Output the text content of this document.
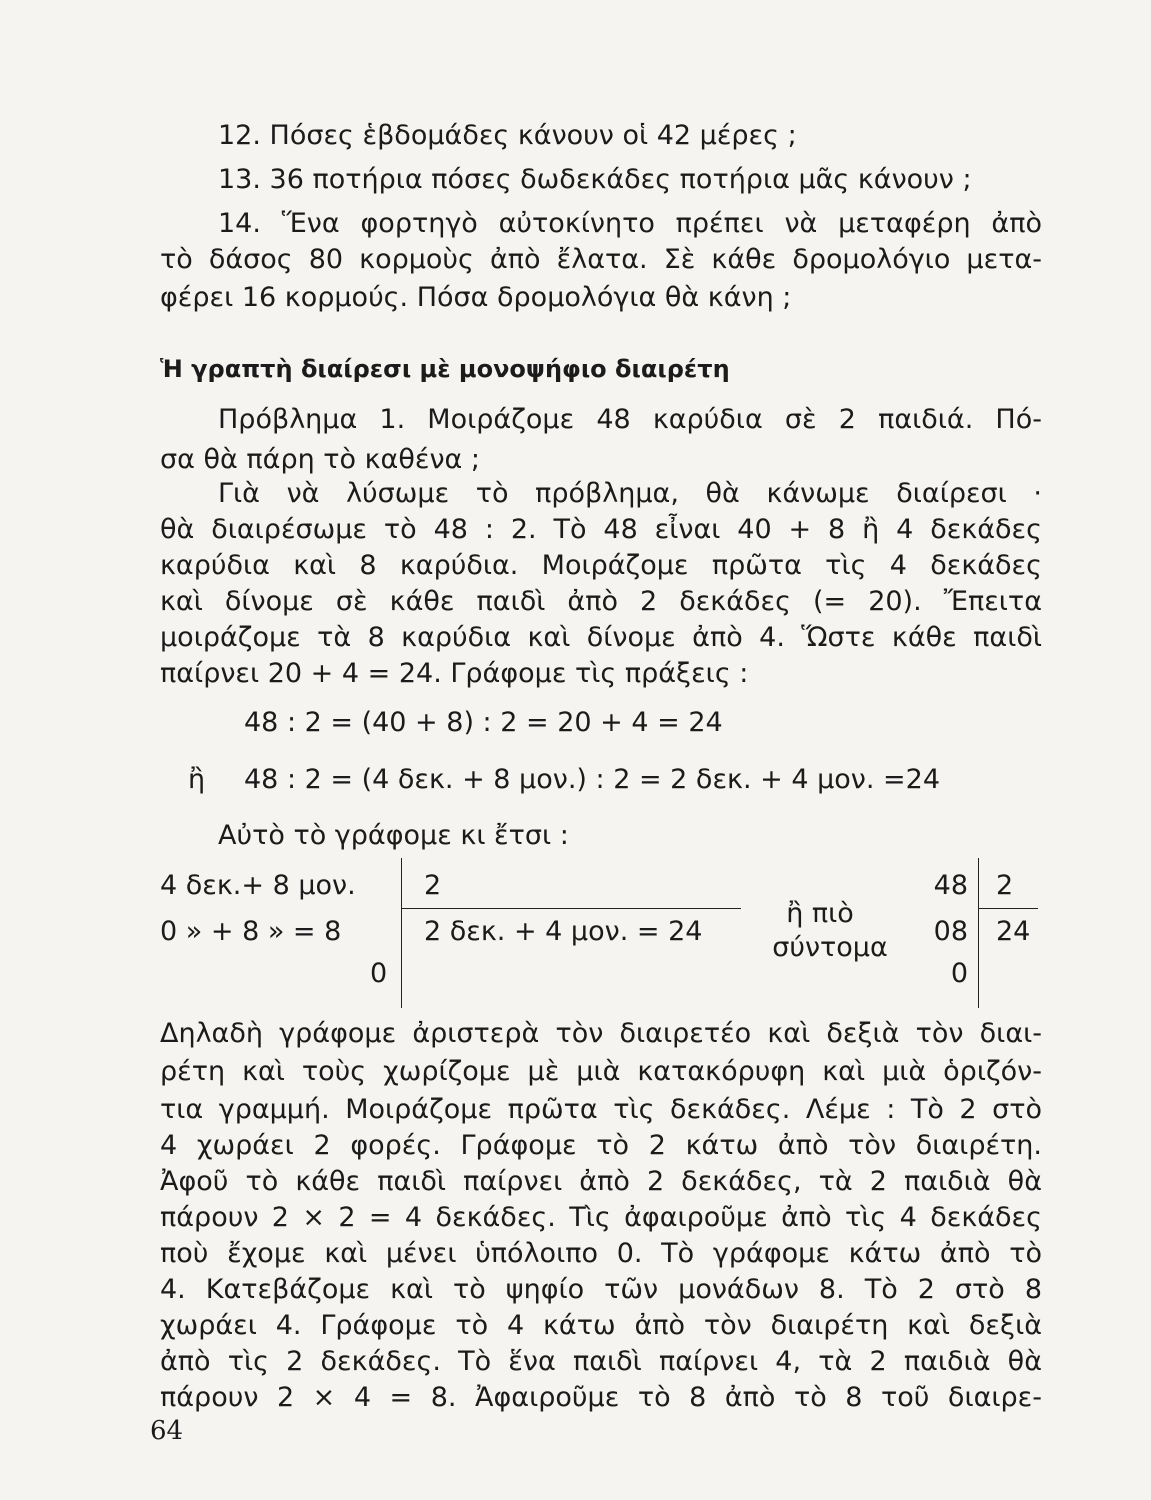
12. Πόσες ἑβδομάδες κάνουν οἱ 42 μέρες ;
13. 36 ποτήρια πόσες δωδεκάδες ποτήρια μᾶς κάνουν ;
14. Ἕνα φορτηγὸ αὐτοκίνητο πρέπει νὰ μεταφέρη ἀπὸ
τὸ δάσος 80 κορμοὺς ἀπὸ ἔλατα. Σὲ κάθε δρομολόγιο μετα-
φέρει 16 κορμούς. Πόσα δρομολόγια θὰ κάνη ;
Ἡ γραπτὴ διαίρεσι μὲ μονοψήφιο διαιρέτη
Πρόβλημα 1. Μοιράζομε 48 καρύδια σὲ 2 παιδιά. Πό-
σα θὰ πάρη τὸ καθένα ;
Γιὰ νὰ λύσωμε τὸ πρόβλημα, θὰ κάνωμε διαίρεσι ·
θὰ διαιρέσωμε τὸ 48 : 2. Τὸ 48 εἶναι 40 + 8 ἢ 4 δεκάδες
καρύδια καὶ 8 καρύδια. Μοιράζομε πρῶτα τὶς 4 δεκάδες
καὶ δίνομε σὲ κάθε παιδὶ ἀπὸ 2 δεκάδες (= 20). Ἔπειτα
μοιράζομε τὰ 8 καρύδια καὶ δίνομε ἀπὸ 4. Ὥστε κάθε παιδὶ
παίρνει 20 + 4 = 24. Γράφομε τὶς πράξεις :
48 : 2 = (40 + 8) : 2 = 20 + 4 = 24
ἢ 48 : 2 = (4 δεκ. + 8 μον.) : 2 = 2 δεκ. + 4 μον. =24
Αὐτὸ τὸ γράφομε κι ἔτσι :
4 δεκ.+ 8 μον.
0 » + 8 » = 8
0
2
2 δεκ. + 4 μον. = 24
ἢ πιὸ
σύντομα
48
08
0
2
24
Δηλαδὴ γράφομε ἀριστερὰ τὸν διαιρετέο καὶ δεξιὰ τὸν διαι-
ρέτη καὶ τοὺς χωρίζομε μὲ μιὰ κατακόρυφη καὶ μιὰ ὁριζόν-
τια γραμμή. Μοιράζομε πρῶτα τὶς δεκάδες. Λέμε : Τὸ 2 στὸ
4 χωράει 2 φορές. Γράφομε τὸ 2 κάτω ἀπὸ τὸν διαιρέτη.
Ἀφοῦ τὸ κάθε παιδὶ παίρνει ἀπὸ 2 δεκάδες, τὰ 2 παιδιὰ θὰ
πάρουν 2 × 2 = 4 δεκάδες. Τὶς ἀφαιροῦμε ἀπὸ τὶς 4 δεκάδες
ποὺ ἔχομε καὶ μένει ὑπόλοιπο 0. Τὸ γράφομε κάτω ἀπὸ τὸ
4. Κατεβάζομε καὶ τὸ ψηφίο τῶν μονάδων 8. Τὸ 2 στὸ 8
χωράει 4. Γράφομε τὸ 4 κάτω ἀπὸ τὸν διαιρέτη καὶ δεξιὰ
ἀπὸ τὶς 2 δεκάδες. Τὸ ἕνα παιδὶ παίρνει 4, τὰ 2 παιδιὰ θὰ
πάρουν 2 × 4 = 8. Ἀφαιροῦμε τὸ 8 ἀπὸ τὸ 8 τοῦ διαιρε-
64
